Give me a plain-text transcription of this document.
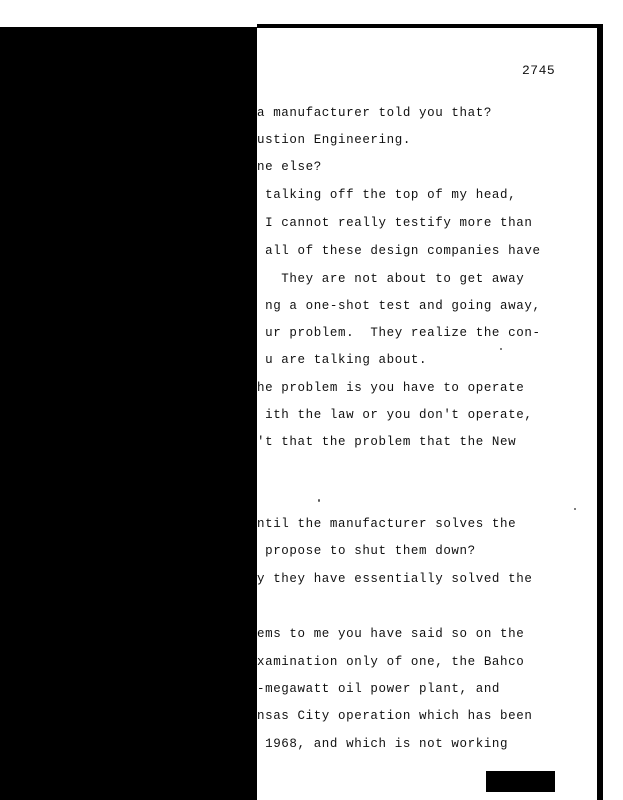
2745
a manufacturer told you that?
ustion Engineering.
ne else?
talking off the top of my head,
I cannot really testify more than
all of these design companies have
They are not about to get away
ng a one-shot test and going away,
ur problem.  They realize the con-
u are talking about.
he problem is you have to operate
ith the law or you don't operate,
't that the problem that the New
ntil the manufacturer solves the
propose to shut them down?
y they have essentially solved the
ems to me you have said so on the
xamination only of one, the Bahco
-megawatt oil power plant, and
nsas City operation which has been
1968, and which is not working
